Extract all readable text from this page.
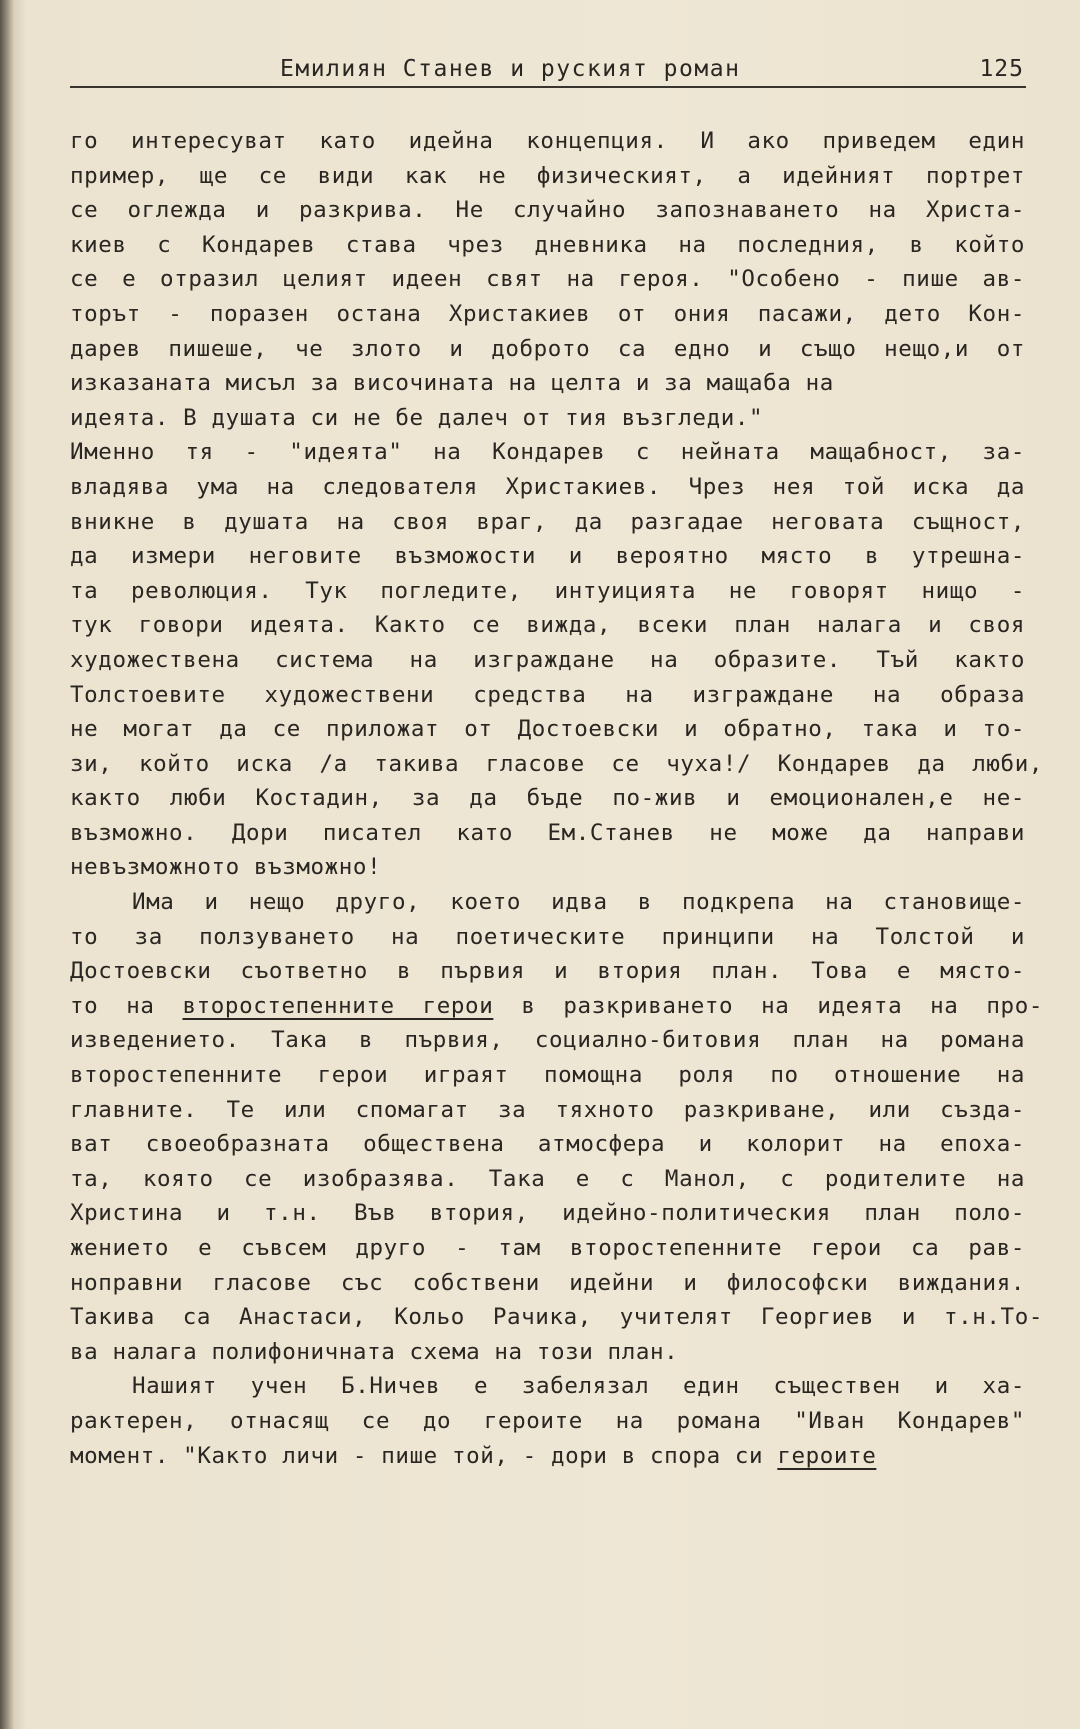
Емилиян Станев и руският роман	125
го интересуват като идейна концепция. И ако приведем един
пример, ще се види как не физическият, а идейният портрет
се оглежда и разкрива. Не случайно запознаването на Христа-
киев с Кондарев става чрез дневника на последния, в който
се е отразил целият идеен свят на героя. "Особено - пише ав-
торът - поразен остана Христакиев от ония пасажи, дето Кон-
дарев пишеше, че злото и доброто са едно и също нещо,и от
изказаната мисъл за височината на целта и за мащаба на
идеята. В душата си не бе далеч от тия възгледи."
Именно тя - "идеята" на Кондарев с нейната мащабност, за-
владява ума на следователя Христакиев. Чрез нея той иска да
вникне в душата на своя враг, да разгадае неговата същност,
да измери неговите възможости и вероятно място в утрешна-
та революция. Тук погледите, интуицията не говорят нищо -
тук говори идеята. Както се вижда, всеки план налага и своя
художествена система на изграждане на образите. Тъй както
Толстоевите художествени средства на изграждане на образа
не могат да се приложат от Достоевски и обратно, така и то-
зи, който иска /а такива гласове се чуха!/ Кондарев да люби,
както люби Костадин, за да бъде по-жив и емоционален,е не-
възможно. Дори писател като Ем.Станев не може да направи
невъзможното възможно!
Има и нещо друго, което идва в подкрепа на становище-
то за ползуването на поетическите принципи на Толстой и
Достоевски съответно в първия и втория план. Това е място-
то на второстепенните герои в разкриването на идеята на про-
изведението. Така в първия, социално-битовия план на романа
второстепенните герои играят помощна роля по отношение на
главните. Те или спомагат за тяхното разкриване, или създа-
ват своеобразната обществена атмосфера и колорит на епоха-
та, която се изобразява. Така е с Манол, с родителите на
Христина и т.н. Във втория, идейно-политическия план поло-
жението е съвсем друго - там второстепенните герои са рав-
ноправни гласове със собствени идейни и философски виждания.
Такива са Анастаси, Кольо Рачика, учителят Георгиев и т.н.То-
ва налага полифоничната схема на този план.
Нашият учен Б.Ничев е забелязал един съществен и ха-
рактерен, отнасящ се до героите на романа "Иван Кондарев"
момент. "Както личи - пише той, - дори в спора си героите
